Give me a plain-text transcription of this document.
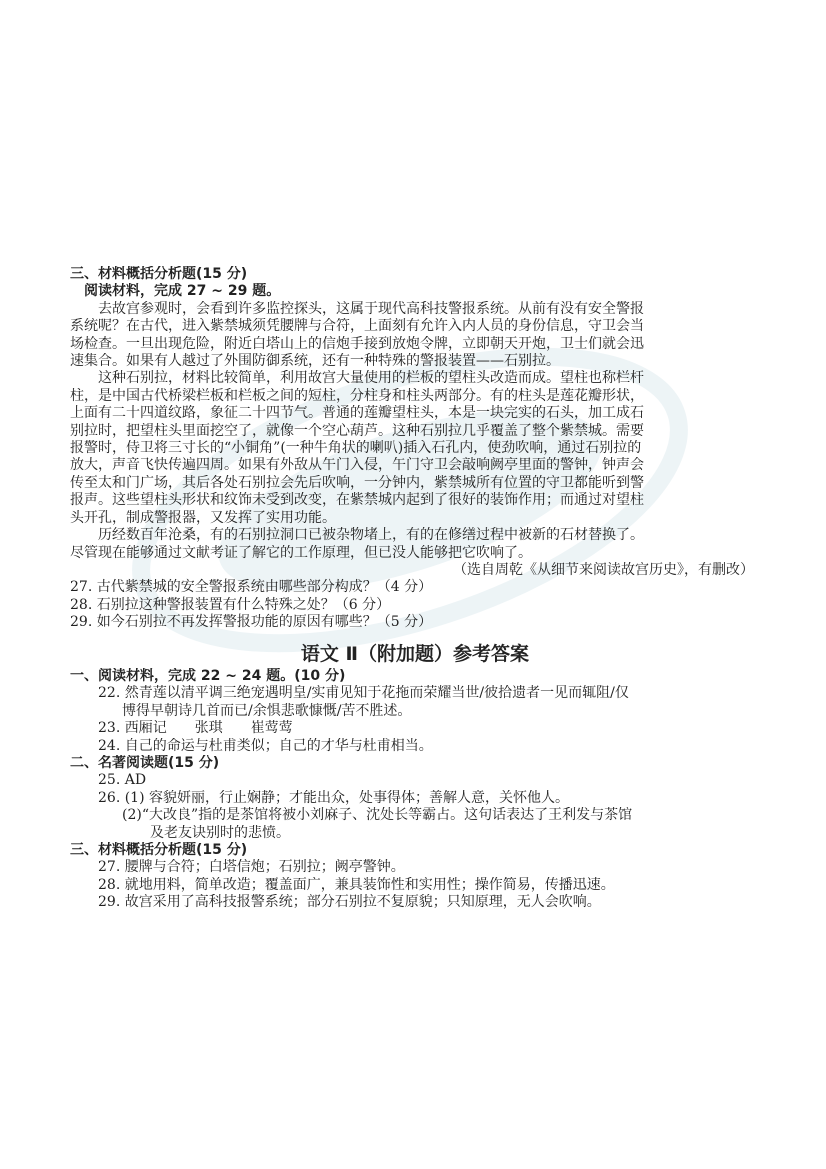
三、材料概括分析题(15 分)
阅读材料，完成 27 ~ 29 题。
去故宫参观时，会看到许多监控探头，这属于现代高科技警报系统。从前有没有安全警报
系统呢？在古代，进入紫禁城须凭腰牌与合符，上面刻有允许入内人员的身份信息，守卫会当
场检查。一旦出现危险，附近白塔山上的信炮手接到放炮令牌，立即朝天开炮，卫士们就会迅
速集合。如果有人越过了外围防御系统，还有一种特殊的警报装置——石别拉。
这种石别拉，材料比较简单，利用故宫大量使用的栏板的望柱头改造而成。望柱也称栏杆
柱，是中国古代桥梁栏板和栏板之间的短柱，分柱身和柱头两部分。有的柱头是莲花瓣形状，
上面有二十四道纹路，象征二十四节气。普通的莲瓣望柱头，本是一块完实的石头，加工成石
别拉时，把望柱头里面挖空了，就像一个空心葫芦。这种石别拉几乎覆盖了整个紫禁城。需要
报警时，侍卫将三寸长的“小铜角”(一种牛角状的喇叭)插入石孔内，使劲吹响，通过石别拉的
放大，声音飞快传遍四周。如果有外敌从午门入侵，午门守卫会敲响阙亭里面的警钟，钟声会
传至太和门广场，其后各处石别拉会先后吹响，一分钟内，紫禁城所有位置的守卫都能听到警
报声。这些望柱头形状和纹饰未受到改变，在紫禁城内起到了很好的装饰作用；而通过对望柱
头开孔，制成警报器，又发挥了实用功能。
历经数百年沧桑，有的石别拉洞口已被杂物堵上，有的在修缮过程中被新的石材替换了。
尽管现在能够通过文献考证了解它的工作原理，但已没人能够把它吹响了。
（选自周乾《从细节来阅读故宫历史》，有删改）
27. 古代紫禁城的安全警报系统由哪些部分构成？（4 分）
28. 石别拉这种警报装置有什么特殊之处？（6 分）
29. 如今石别拉不再发挥警报功能的原因有哪些？（5 分）
语文 Ⅱ（附加题）参考答案
一、阅读材料，完成 22 ~ 24 题。(10 分)
22. 然青莲以清平调三绝宠遇明皇/实甫见知于花拖而荣耀当世/彼拾遗者一见而辄阻/仅
博得早朝诗几首而已/余惧悲歌慷慨/苦不胜述。
23. 西厢记　　张琪　　崔莺莺
24. 自己的命运与杜甫类似；自己的才华与杜甫相当。
二、名著阅读题(15 分)
25. AD
26. (1) 容貌妍丽，行止娴静；才能出众，处事得体；善解人意，关怀他人。
(2)“大改良”指的是茶馆将被小刘麻子、沈处长等霸占。这句话表达了王利发与茶馆
及老友诀别时的悲愤。
三、材料概括分析题(15 分)
27. 腰牌与合符；白塔信炮；石别拉；阙亭警钟。
28. 就地用料，简单改造；覆盖面广，兼具装饰性和实用性；操作简易，传播迅速。
29. 故宫采用了高科技报警系统；部分石别拉不复原貌；只知原理，无人会吹响。
